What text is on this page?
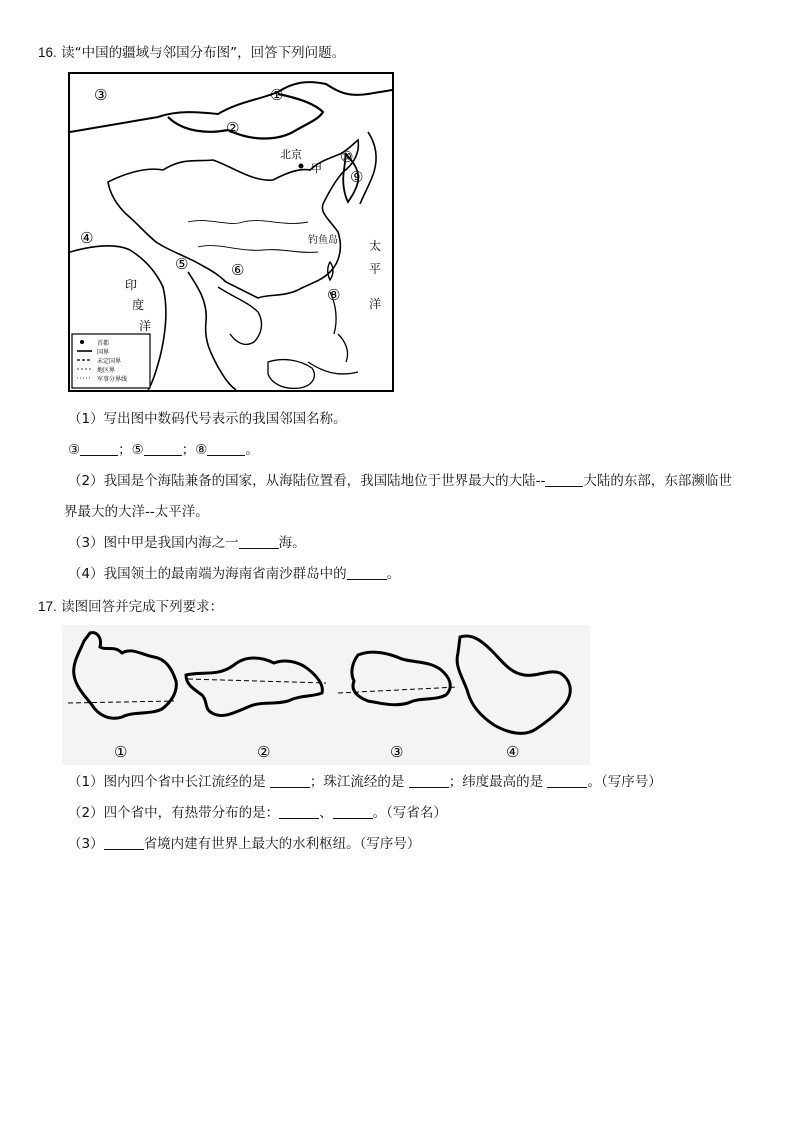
16. 读“中国的疆域与邻国分布图”，回答下列问题。
首都
国界
未定国界
地区界
军事分界线
①
②
③
④
⑤	⑥
⑧
⑨
⑩
北京
甲
钓鱼岛	太
平
洋
印
度
洋
（1）写出图中数码代号表示的我国邻国名称。
③	；⑤	；⑧	。
（2）我国是个海陆兼备的国家，从海陆位置看，我国陆地位于世界最大的大陆--	大陆的东部，东部濒临世
界最大的大洋--太平洋。
（3）图中甲是我国内海之一	海。
（4）我国领土的最南端为海南省南沙群岛中的	。
17. 读图回答并完成下列要求：
①	②	③	④
（1）图内四个省中长江流经的是	；珠江流经的是	；纬度最高的是	。（写序号）
（2）四个省中，有热带分布的是：	、	。（写省名）
（3）	省境内建有世界上最大的水利枢纽。（写序号）
